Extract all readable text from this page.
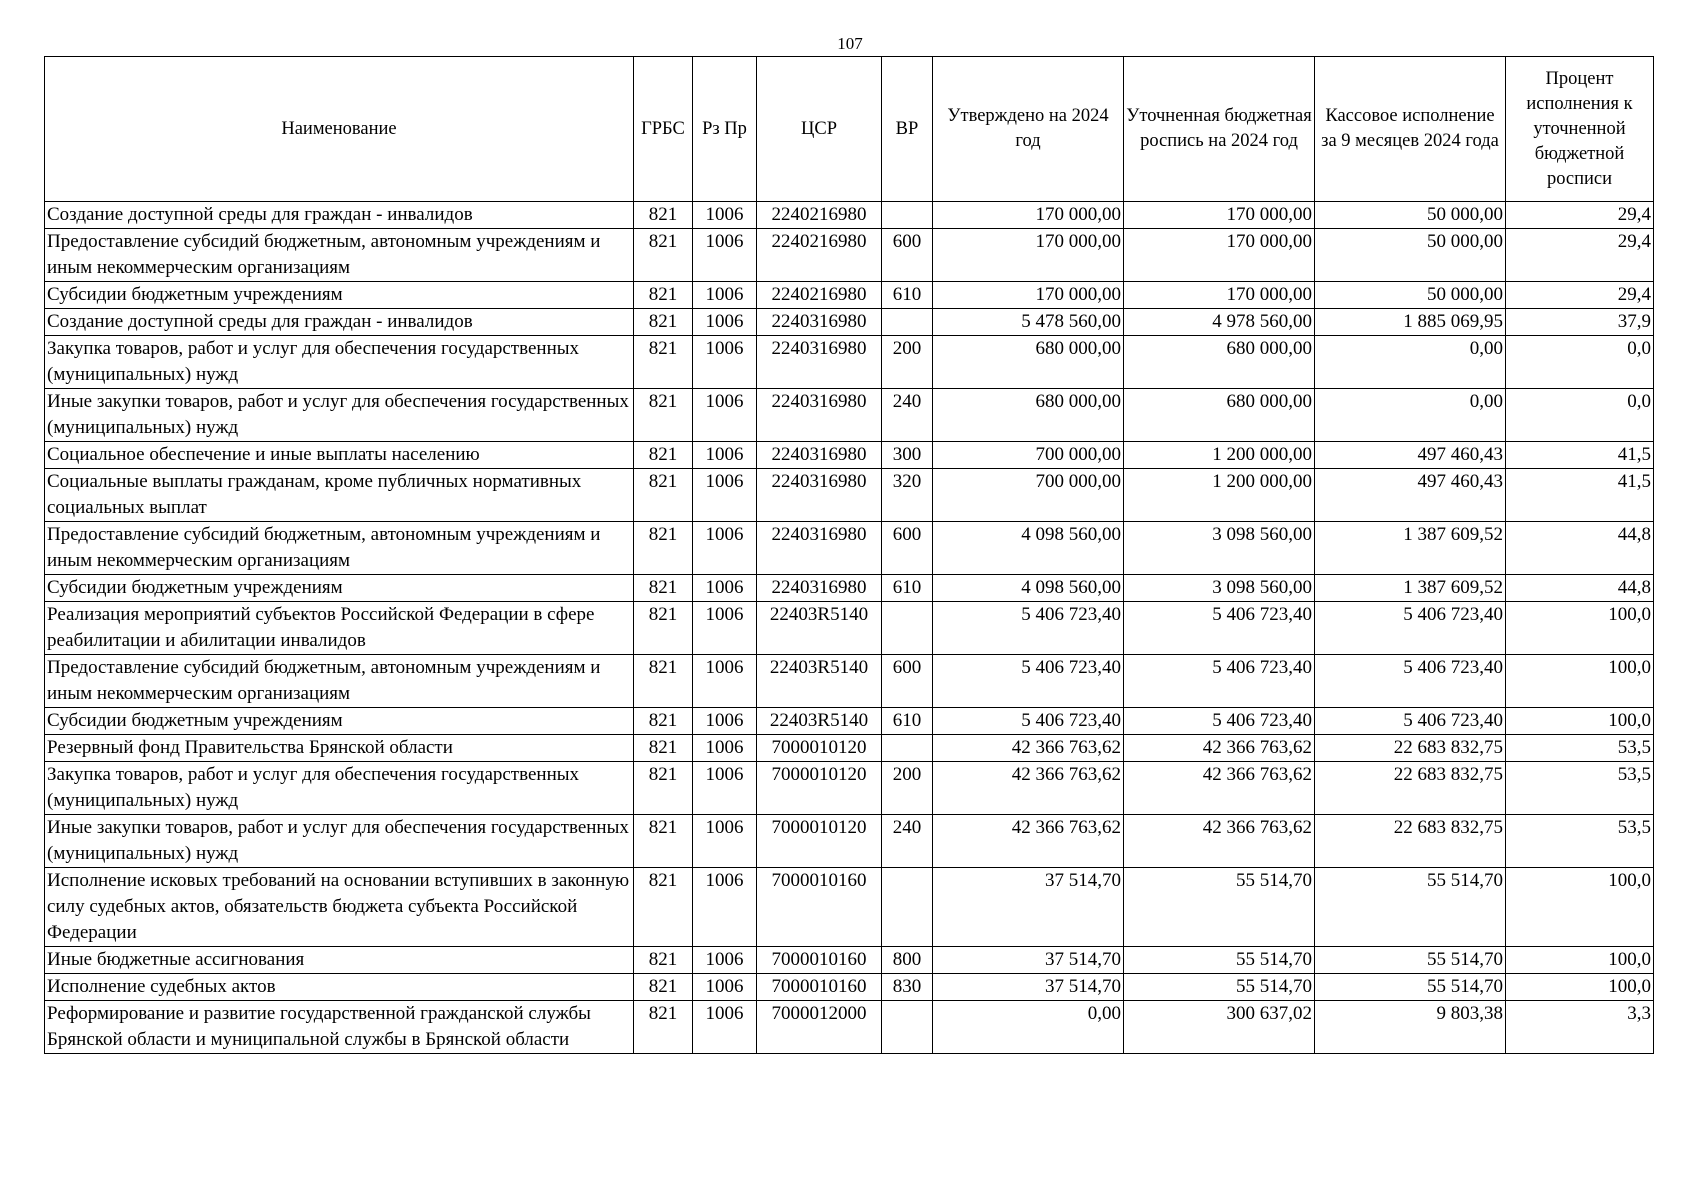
107
Наименование	ГРБС	Рз Пр	ЦСР	ВР	Утверждено на 2024 год	Уточненная бюджетная роспись на 2024 год	Кассовое исполнение за 9 месяцев 2024 года	Процент исполнения к уточненной бюджетной росписи
Создание доступной среды для граждан - инвалидов	821	1006	2240216980		170 000,00	170 000,00	50 000,00	29,4
Предоставление субсидий бюджетным, автономным учреждениям и иным некоммерческим организациям	821	1006	2240216980	600	170 000,00	170 000,00	50 000,00	29,4
Субсидии бюджетным учреждениям	821	1006	2240216980	610	170 000,00	170 000,00	50 000,00	29,4
Создание доступной среды для граждан - инвалидов	821	1006	2240316980		5 478 560,00	4 978 560,00	1 885 069,95	37,9
Закупка товаров, работ и услуг для обеспечения государственных (муниципальных) нужд	821	1006	2240316980	200	680 000,00	680 000,00	0,00	0,0
Иные закупки товаров, работ и услуг для обеспечения государственных (муниципальных) нужд	821	1006	2240316980	240	680 000,00	680 000,00	0,00	0,0
Социальное обеспечение и иные выплаты населению	821	1006	2240316980	300	700 000,00	1 200 000,00	497 460,43	41,5
Социальные выплаты гражданам, кроме публичных нормативных социальных выплат	821	1006	2240316980	320	700 000,00	1 200 000,00	497 460,43	41,5
Предоставление субсидий бюджетным, автономным учреждениям и иным некоммерческим организациям	821	1006	2240316980	600	4 098 560,00	3 098 560,00	1 387 609,52	44,8
Субсидии бюджетным учреждениям	821	1006	2240316980	610	4 098 560,00	3 098 560,00	1 387 609,52	44,8
Реализация мероприятий субъектов Российской Федерации в сфере реабилитации и абилитации инвалидов	821	1006	22403R5140		5 406 723,40	5 406 723,40	5 406 723,40	100,0
Предоставление субсидий бюджетным, автономным учреждениям и иным некоммерческим организациям	821	1006	22403R5140	600	5 406 723,40	5 406 723,40	5 406 723,40	100,0
Субсидии бюджетным учреждениям	821	1006	22403R5140	610	5 406 723,40	5 406 723,40	5 406 723,40	100,0
Резервный фонд Правительства Брянской области	821	1006	7000010120		42 366 763,62	42 366 763,62	22 683 832,75	53,5
Закупка товаров, работ и услуг для обеспечения государственных (муниципальных) нужд	821	1006	7000010120	200	42 366 763,62	42 366 763,62	22 683 832,75	53,5
Иные закупки товаров, работ и услуг для обеспечения государственных (муниципальных) нужд	821	1006	7000010120	240	42 366 763,62	42 366 763,62	22 683 832,75	53,5
Исполнение исковых требований на основании вступивших в законную силу судебных актов, обязательств бюджета субъекта Российской Федерации	821	1006	7000010160		37 514,70	55 514,70	55 514,70	100,0
Иные бюджетные ассигнования	821	1006	7000010160	800	37 514,70	55 514,70	55 514,70	100,0
Исполнение судебных актов	821	1006	7000010160	830	37 514,70	55 514,70	55 514,70	100,0
Реформирование и развитие государственной гражданской службы Брянской области и муниципальной службы в Брянской области	821	1006	7000012000		0,00	300 637,02	9 803,38	3,3
